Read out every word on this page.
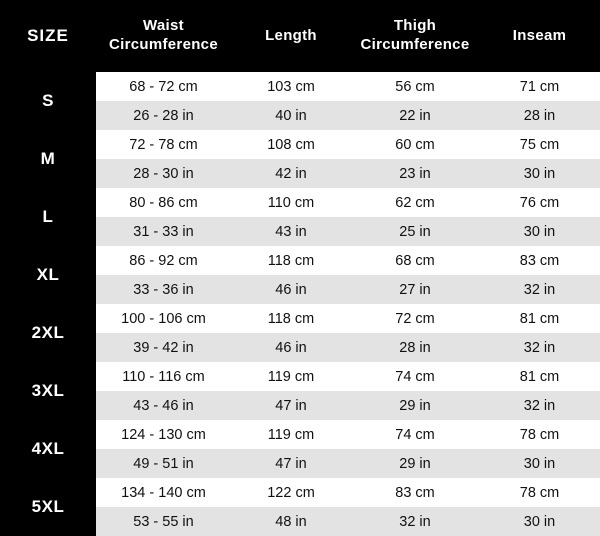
SIZE	Waist Circumference	Length	Thigh Circumference	Inseam
S	68 - 72 cm	103 cm	56 cm	71 cm
	26 - 28 in	40 in	22 in	28 in
M	72 - 78 cm	108 cm	60 cm	75 cm
	28 - 30 in	42 in	23 in	30 in
L	80 - 86 cm	110 cm	62 cm	76 cm
	31 - 33 in	43 in	25 in	30 in
XL	86 - 92 cm	118 cm	68 cm	83 cm
	33 - 36 in	46 in	27 in	32 in
2XL	100 - 106 cm	118 cm	72 cm	81 cm
	39 - 42 in	46 in	28 in	32 in
3XL	110 - 116 cm	119 cm	74 cm	81 cm
	43 - 46 in	47 in	29 in	32 in
4XL	124 - 130 cm	119 cm	74 cm	78 cm
	49 - 51 in	47 in	29 in	30 in
5XL	134 - 140 cm	122 cm	83 cm	78 cm
	53 - 55 in	48 in	32 in	30 in
